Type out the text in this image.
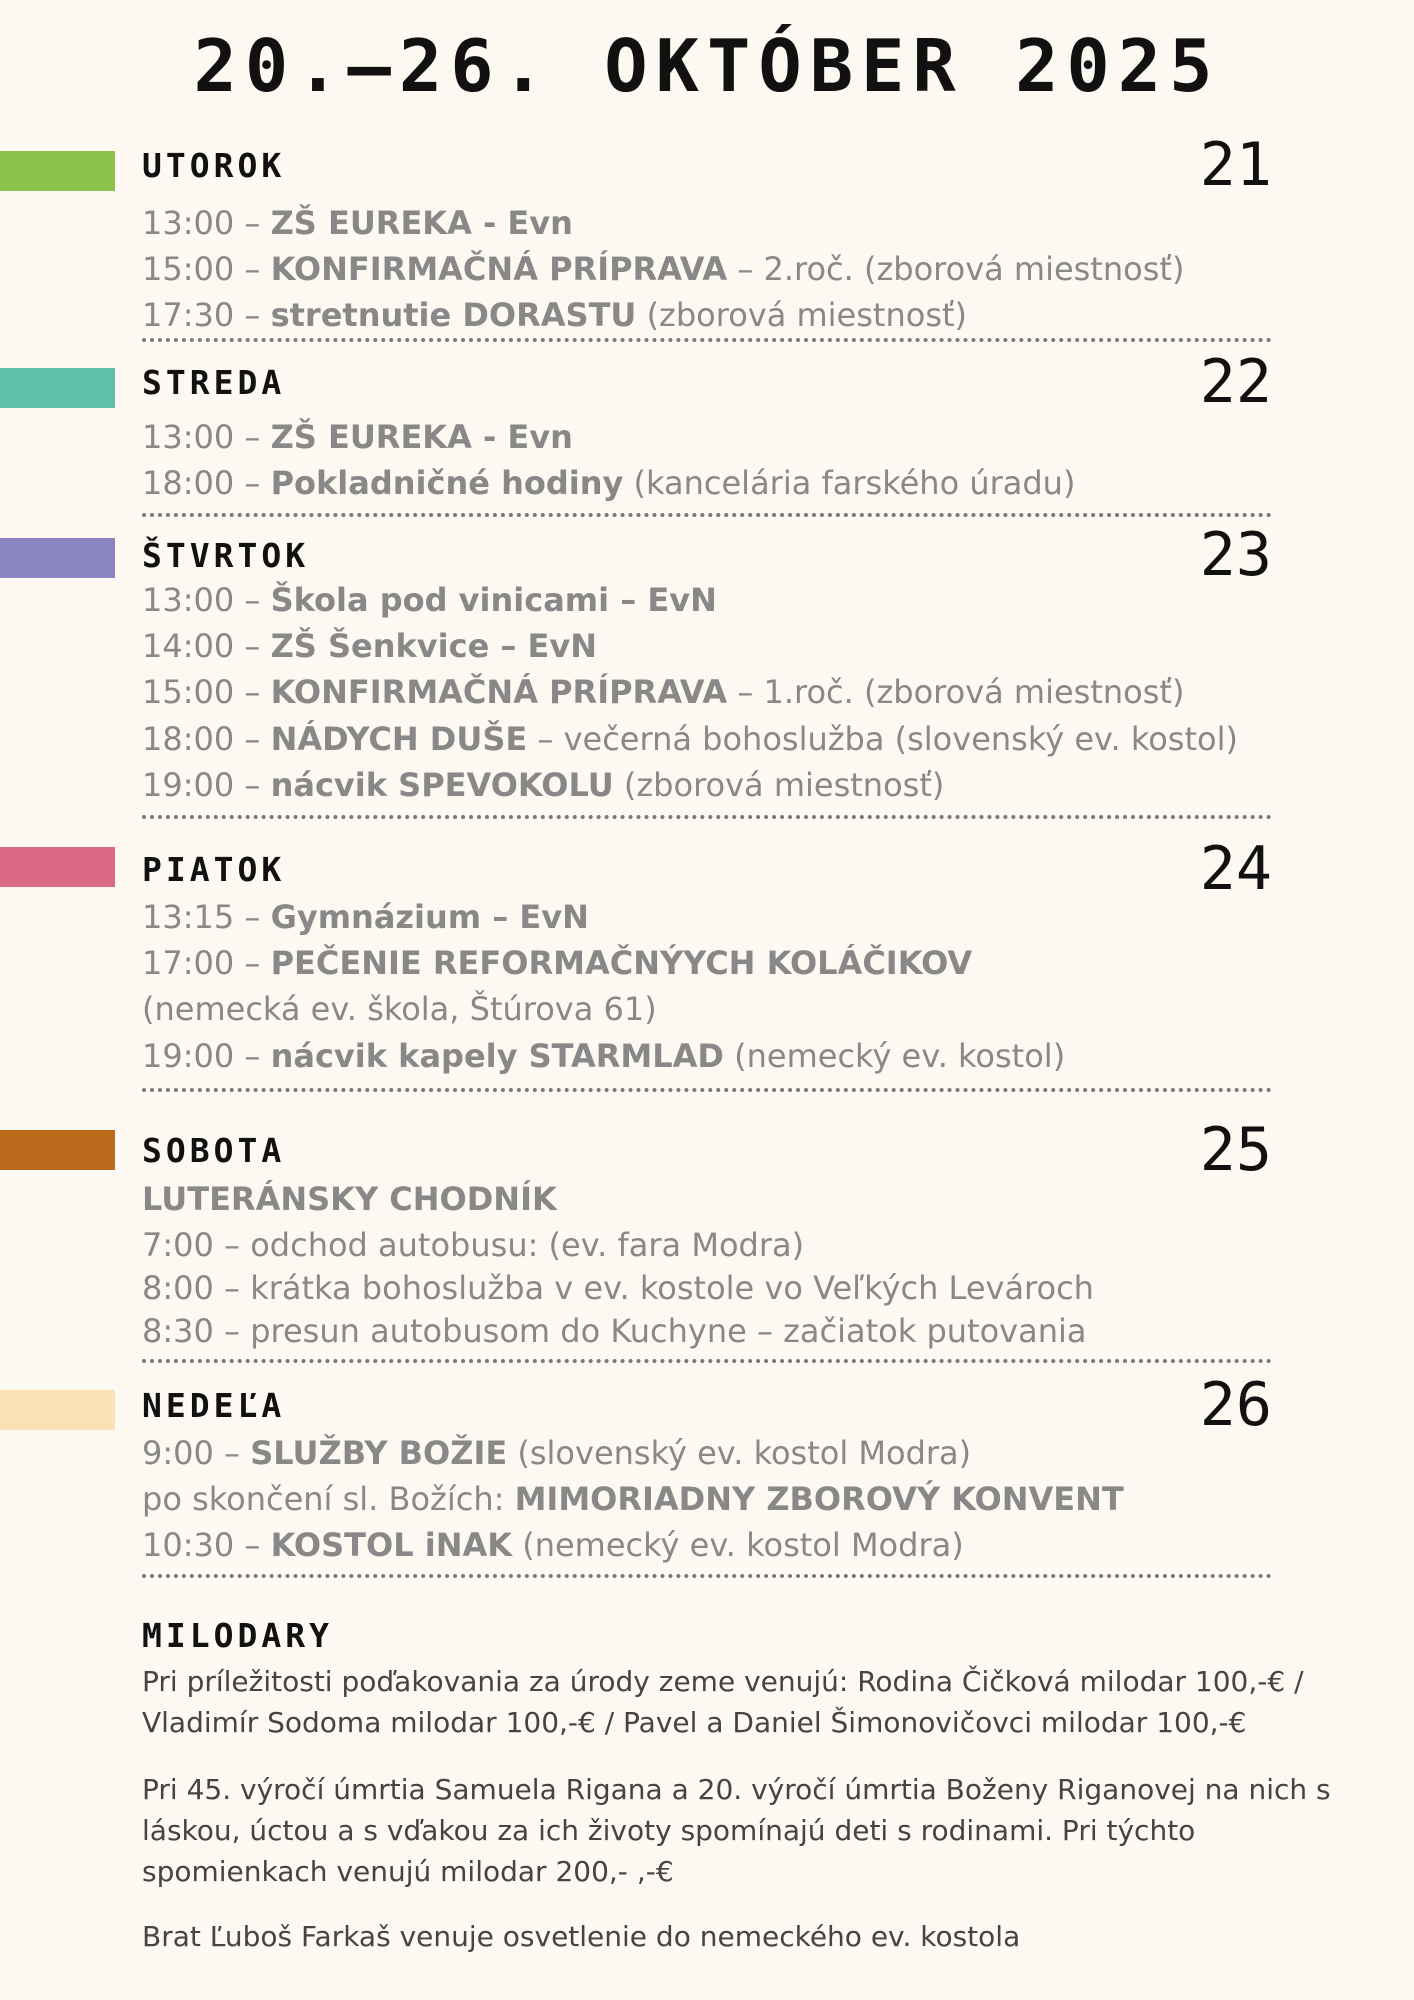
20.–26. OKTÓBER 2025
UTOROK	21
13:00 – ZŠ EUREKA - Evn
15:00 – KONFIRMAČNÁ PRÍPRAVA – 2.roč. (zborová miestnosť)
17:30 – stretnutie DORASTU (zborová miestnosť)
STREDA	22
13:00 – ZŠ EUREKA - Evn
18:00 – Pokladničné hodiny (kancelária farského úradu)
ŠTVRTOK	23
13:00 – Škola pod vinicami – EvN
14:00 – ZŠ Šenkvice – EvN
15:00 – KONFIRMAČNÁ PRÍPRAVA – 1.roč. (zborová miestnosť)
18:00 – NÁDYCH DUŠE – večerná bohoslužba (slovenský ev. kostol)
19:00 – nácvik SPEVOKOLU (zborová miestnosť)
PIATOK	24
13:15 – Gymnázium – EvN
17:00 – PEČENIE REFORMAČNÝYCH KOLÁČIKOV
(nemecká ev. škola, Štúrova 61)
19:00 – nácvik kapely STARMLAD (nemecký ev. kostol)
SOBOTA	25
LUTERÁNSKY CHODNÍK
7:00 – odchod autobusu: (ev. fara Modra)
8:00 – krátka bohoslužba v ev. kostole vo Veľkých Levároch
8:30 – presun autobusom do Kuchyne – začiatok putovania
NEDEĽA	26
9:00 – SLUŽBY BOŽIE (slovenský ev. kostol Modra)
po skončení sl. Božích: MIMORIADNY ZBOROVÝ KONVENT
10:30 – KOSTOL iNAK (nemecký ev. kostol Modra)
MILODARY
Pri príležitosti poďakovania za úrody zeme venujú: Rodina Čičková milodar 100,-€ / Vladimír Sodoma milodar 100,-€ / Pavel a Daniel Šimonovičovci milodar 100,-€
Pri 45. výročí úmrtia Samuela Rigana a 20. výročí úmrtia Boženy Riganovej na nich s láskou, úctou a s vďakou za ich životy spomínajú deti s rodinami. Pri týchto spomienkach venujú milodar 200,- ,-€
Brat Ľuboš Farkaš venuje osvetlenie do nemeckého ev. kostola
